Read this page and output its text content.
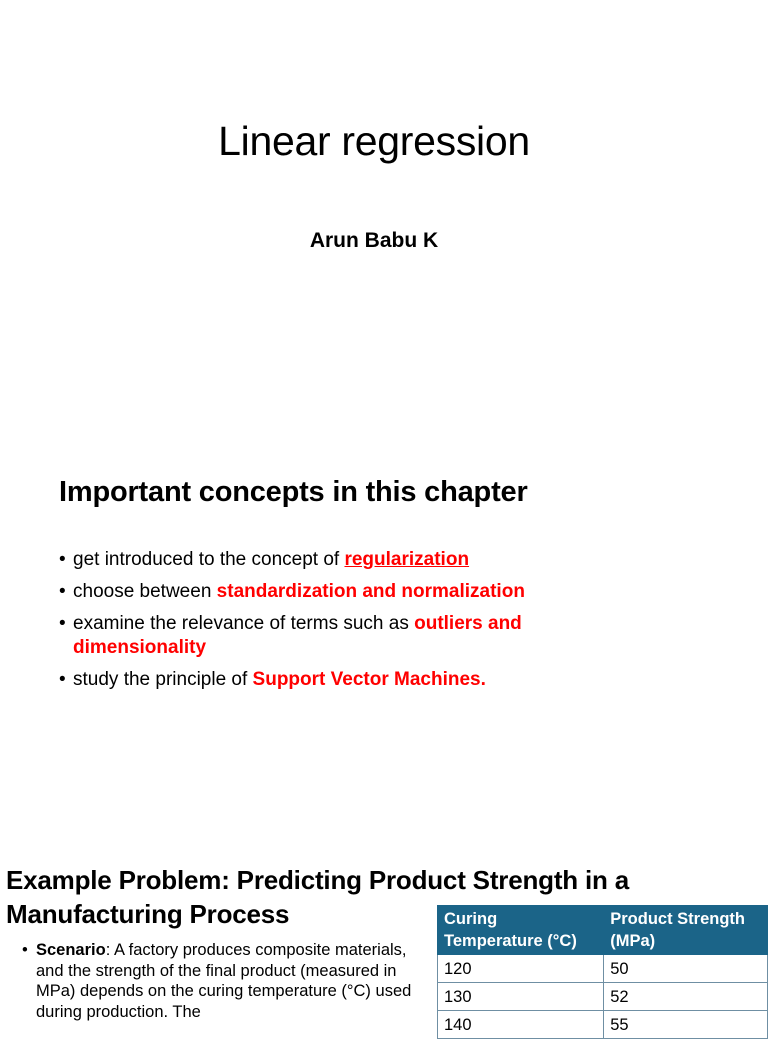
Linear regression
Arun Babu K
Important concepts in this chapter
• get introduced to the concept of regularization
• choose between standardization and normalization
• examine the relevance of terms such as outliers and dimensionality
• study the principle of Support Vector Machines.
Example Problem: Predicting Product Strength in a Manufacturing Process
• Scenario: A factory produces composite materials, and the strength of the final product (measured in MPa) depends on the curing temperature (°C) used during production. The
Curing Temperature (°C)	Product Strength (MPa)
120	50
130	52
140	55
